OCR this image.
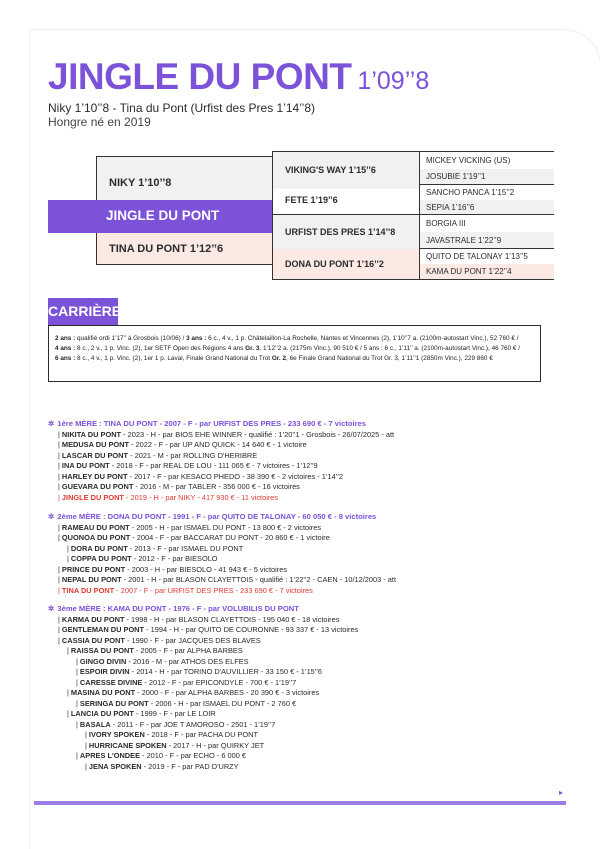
JINGLE DU PONT 1’09’’8
Niky 1’10’’8 - Tina du Pont (Urfist des Pres 1’14’’8)
Hongre né en 2019
NIKY 1’10’’8
JINGLE DU PONT
TINA DU PONT 1’12’’6
VIKING'S WAY 1’15’’6
FETE 1’19’’6
URFIST DES PRES 1’14’’8
DONA DU PONT 1’16’’2
MICKEY VICKING (US)
JOSUBIE 1’19’’1
SANCHO PANCA 1’15’’2
SEPIA 1’16’’6
BORGIA III
JAVASTRALE 1’22’’9
QUITO DE TALONAY 1’13’’5
KAMA DU PONT 1’22’’4
CARRIÈRE
2 ans : qualifié ordi 1’17’’ à Grosbois (10/06) / 3 ans : 6 c., 4 v., 1 p. Châtelaillon-La Rochelle, Nantes et Vincennes (2), 1’10’’7 a. (2100m-autostart Vinc.), 52 760 € /
4 ans : 8 c., 2 v., 1 p. Vinc. (2), 1er SETF Open des Régions 4 ans Gr. 3, 1’12’’2 a. (2175m Vinc.), 90 510 € / 5 ans : 6 c., 1’11’’ a. (2100m-autostart Vinc.), 46 760 € /
6 ans : 8 c., 4 v., 1 p. Vinc. (2), 1er 1 p. Laval, Finale Grand National du Trot Gr. 2, 6e Finale Grand National du Trot Gr. 3, 1’11’’1 (2850m Vinc.), 229 860 €
✲ 1ère MÈRE : TINA DU PONT - 2007 - F - par URFIST DES PRES - 233 690 € - 7 victoires
| NIKITA DU PONT - 2023 - H - par BIOS EHE WINNER - qualifié : 1’20’’1 - Grosbois - 26/07/2025 - att
| MEDUSA DU PONT - 2022 - F - par UP AND QUICK - 14 640 € - 1 victoire
| LASCAR DU PONT - 2021 - M - par ROLLING D'HERIBRE
| INA DU PONT - 2018 - F - par REAL DE LOU - 111 065 € - 7 victoires - 1’12’’9
| HARLEY DU PONT - 2017 - F - par KESACO PHEDO - 38 390 € - 2 victoires - 1’14’’2
| GUEVARA DU PONT - 2016 - M - par TABLER - 356 000 € - 16 victoires
| JINGLE DU PONT - 2019 - H - par NIKY - 417 930 € - 11 victoires
✲ 2ème MÈRE : DONA DU PONT - 1991 - F - par QUITO DE TALONAY - 60 050 € - 8 victoires
| RAMEAU DU PONT - 2005 - H - par ISMAEL DU PONT - 13 800 € - 2 victoires
| QUONOA DU PONT - 2004 - F - par BACCARAT DU PONT - 20 860 € - 1 victoire
| DORA DU PONT - 2013 - F - par ISMAEL DU PONT
| COPPA DU PONT - 2012 - F - par BIESOLO
| PRINCE DU PONT - 2003 - H - par BIESOLO - 41 943 € - 5 victoires
| NEPAL DU PONT - 2001 - H - par BLASON CLAYETTOIS - qualifié : 1’22’’2 - CAEN - 10/12/2003 - att
| TINA DU PONT - 2007 - F - par URFIST DES PRES - 233 690 € - 7 victoires
✲ 3ème MÈRE : KAMA DU PONT - 1976 - F - par VOLUBILIS DU PONT
| KARMA DU PONT - 1998 - H - par BLASON CLAYETTOIS - 195 040 € - 18 victoires
| GENTLEMAN DU PONT - 1994 - H - par QUITO DE COURONNE - 93 337 € - 13 victoires
| CASSIA DU PONT - 1990 - F - par JACQUES DES BLAVES
| RAISSA DU PONT - 2005 - F - par ALPHA BARBES
| GINGO DIVIN - 2016 - M - par ATHOS DES ELFES
| ESPOIR DIVIN - 2014 - H - par TORINO D'AUVILLIER - 33 150 € - 1’15’’6
| CARESSE DIVINE - 2012 - F - par EPICONDYLE - 700 € - 1’19’’7
| MASINA DU PONT - 2000 - F - par ALPHA BARBES - 20 390 € - 3 victoires
| SERINGA DU PONT - 2006 - H - par ISMAEL DU PONT - 2 760 €
| LANCIA DU PONT - 1999 - F - par LE LOIR
| BASALA - 2011 - F - par JOE T AMOROSO - 2501 - 1’19’’7
| IVORY SPOKEN - 2018 - F - par PACHA DU PONT
| HURRICANE SPOKEN - 2017 - H - par QUIRKY JET
| APRES L'ONDEE - 2010 - F - par ECHO - 6 000 €
| JENA SPOKEN - 2019 - F - par PAD D'URZY
▸
